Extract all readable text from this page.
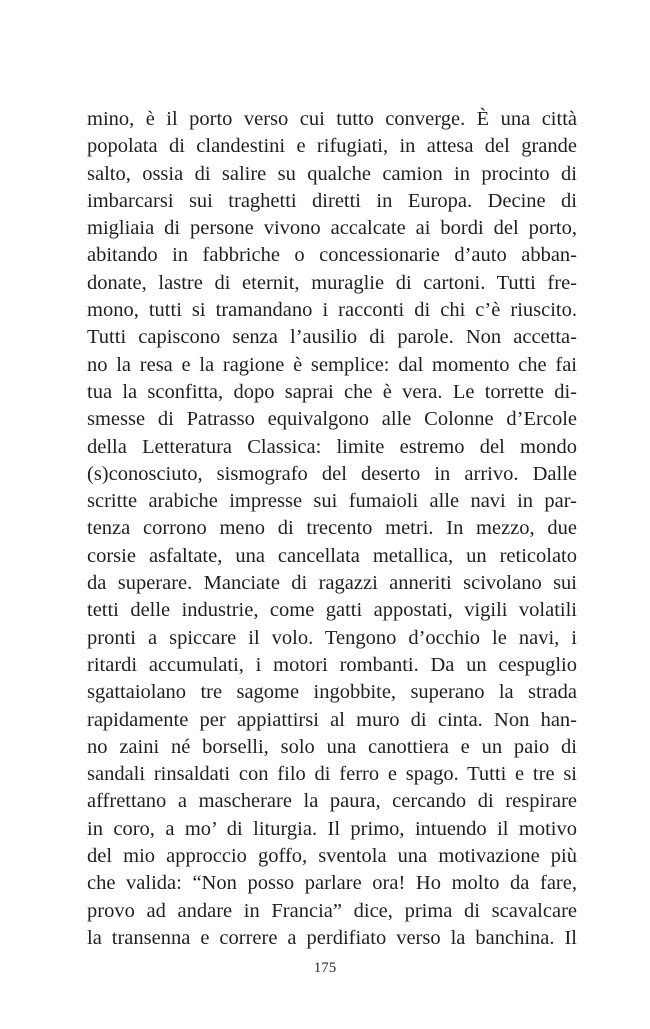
mino, è il porto verso cui tutto converge. È una città
popolata di clandestini e rifugiati, in attesa del grande
salto, ossia di salire su qualche camion in procinto di
imbarcarsi sui traghetti diretti in Europa. Decine di
migliaia di persone vivono accalcate ai bordi del porto,
abitando in fabbriche o concessionarie d’auto abban-
donate, lastre di eternit, muraglie di cartoni. Tutti fre-
mono, tutti si tramandano i racconti di chi c’è riuscito.
Tutti capiscono senza l’ausilio di parole. Non accetta-
no la resa e la ragione è semplice: dal momento che fai
tua la sconfitta, dopo saprai che è vera. Le torrette di-
smesse di Patrasso equivalgono alle Colonne d’Ercole
della Letteratura Classica: limite estremo del mondo
(s)conosciuto, sismografo del deserto in arrivo. Dalle
scritte arabiche impresse sui fumaioli alle navi in par-
tenza corrono meno di trecento metri. In mezzo, due
corsie asfaltate, una cancellata metallica, un reticolato
da superare. Manciate di ragazzi anneriti scivolano sui
tetti delle industrie, come gatti appostati, vigili volatili
pronti a spiccare il volo. Tengono d’occhio le navi, i
ritardi accumulati, i motori rombanti. Da un cespuglio
sgattaiolano tre sagome ingobbite, superano la strada
rapidamente per appiattirsi al muro di cinta. Non han-
no zaini né borselli, solo una canottiera e un paio di
sandali rinsaldati con filo di ferro e spago. Tutti e tre si
affrettano a mascherare la paura, cercando di respirare
in coro, a mo’ di liturgia. Il primo, intuendo il motivo
del mio approccio goffo, sventola una motivazione più
che valida: “Non posso parlare ora! Ho molto da fare,
provo ad andare in Francia” dice, prima di scavalcare
la transenna e correre a perdifiato verso la banchina. Il
175
